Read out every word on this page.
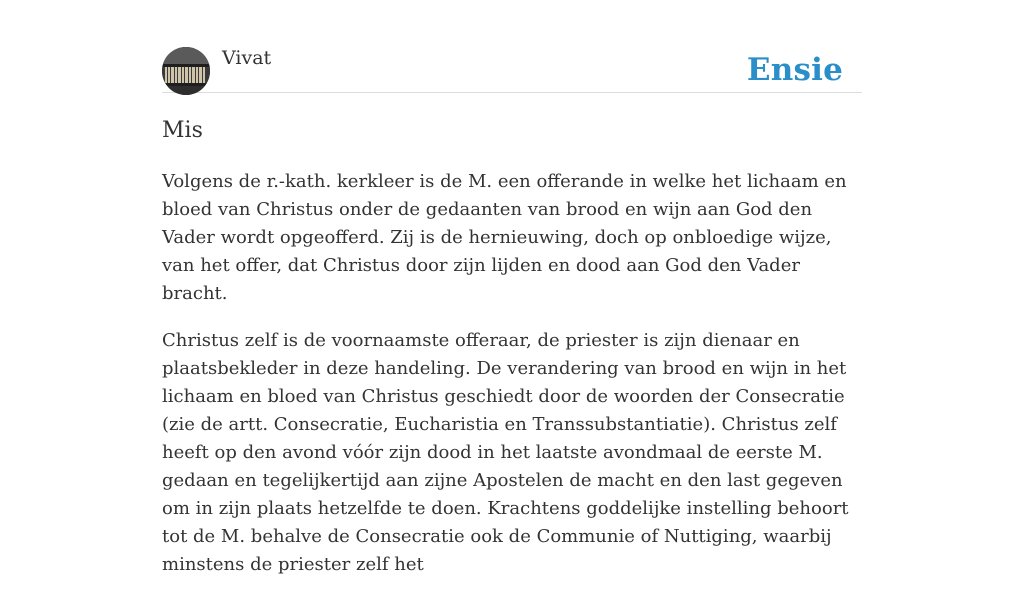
Vivat	Ensie
Mis

Volgens de r.-kath. kerkleer is de M. een offerande in welke het lichaam en bloed van Christus onder de gedaanten van brood en wijn aan God den Vader wordt opgeofferd. Zij is de hernieuwing, doch op onbloedige wijze, van het offer, dat Christus door zijn lijden en dood aan God den Vader bracht.

Christus zelf is de voornaamste offeraar, de priester is zijn dienaar en plaatsbekleder in deze handeling. De verandering van brood en wijn in het lichaam en bloed van Christus geschiedt door de woorden der Consecratie (zie de artt. Consecratie, Eucharistia en Transsubstantiatie). Christus zelf heeft op den avond vóór zijn dood in het laatste avondmaal de eerste M. gedaan en tegelijkertijd aan zijne Apostelen de macht en den last gegeven om in zijn plaats hetzelfde te doen. Krachtens goddelijke instelling behoort tot de M. behalve de Consecratie ook de Communie of Nuttiging, waarbij minstens de priester zelf het
